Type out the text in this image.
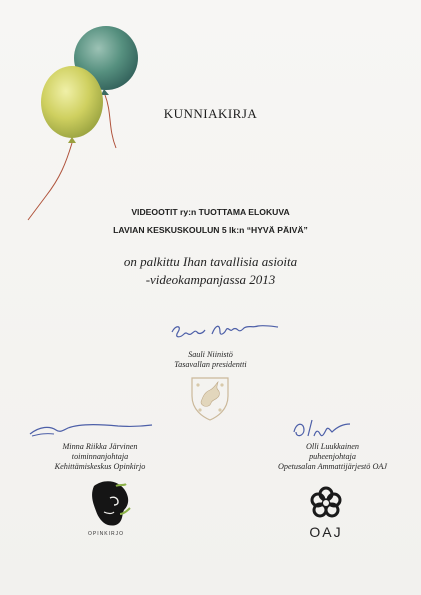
KUNNIAKIRJA
VIDEOOTIT ry:n TUOTTAMA ELOKUVA
LAVIAN KESKUSKOULUN 5 lk:n “HYVÄ PÄIVÄ”
on palkittu Ihan tavallisia asioita
-videokampanjassa 2013
Sauli Niinistö
Tasavallan presidentti
Minna Riikka Järvinen
toiminnanjohtaja
Kehittämiskeskus Opinkirjo
Olli Luukkainen
puheenjohtaja
Opetusalan Ammattijärjestö OAJ
OPINKIRJO	OAJ
